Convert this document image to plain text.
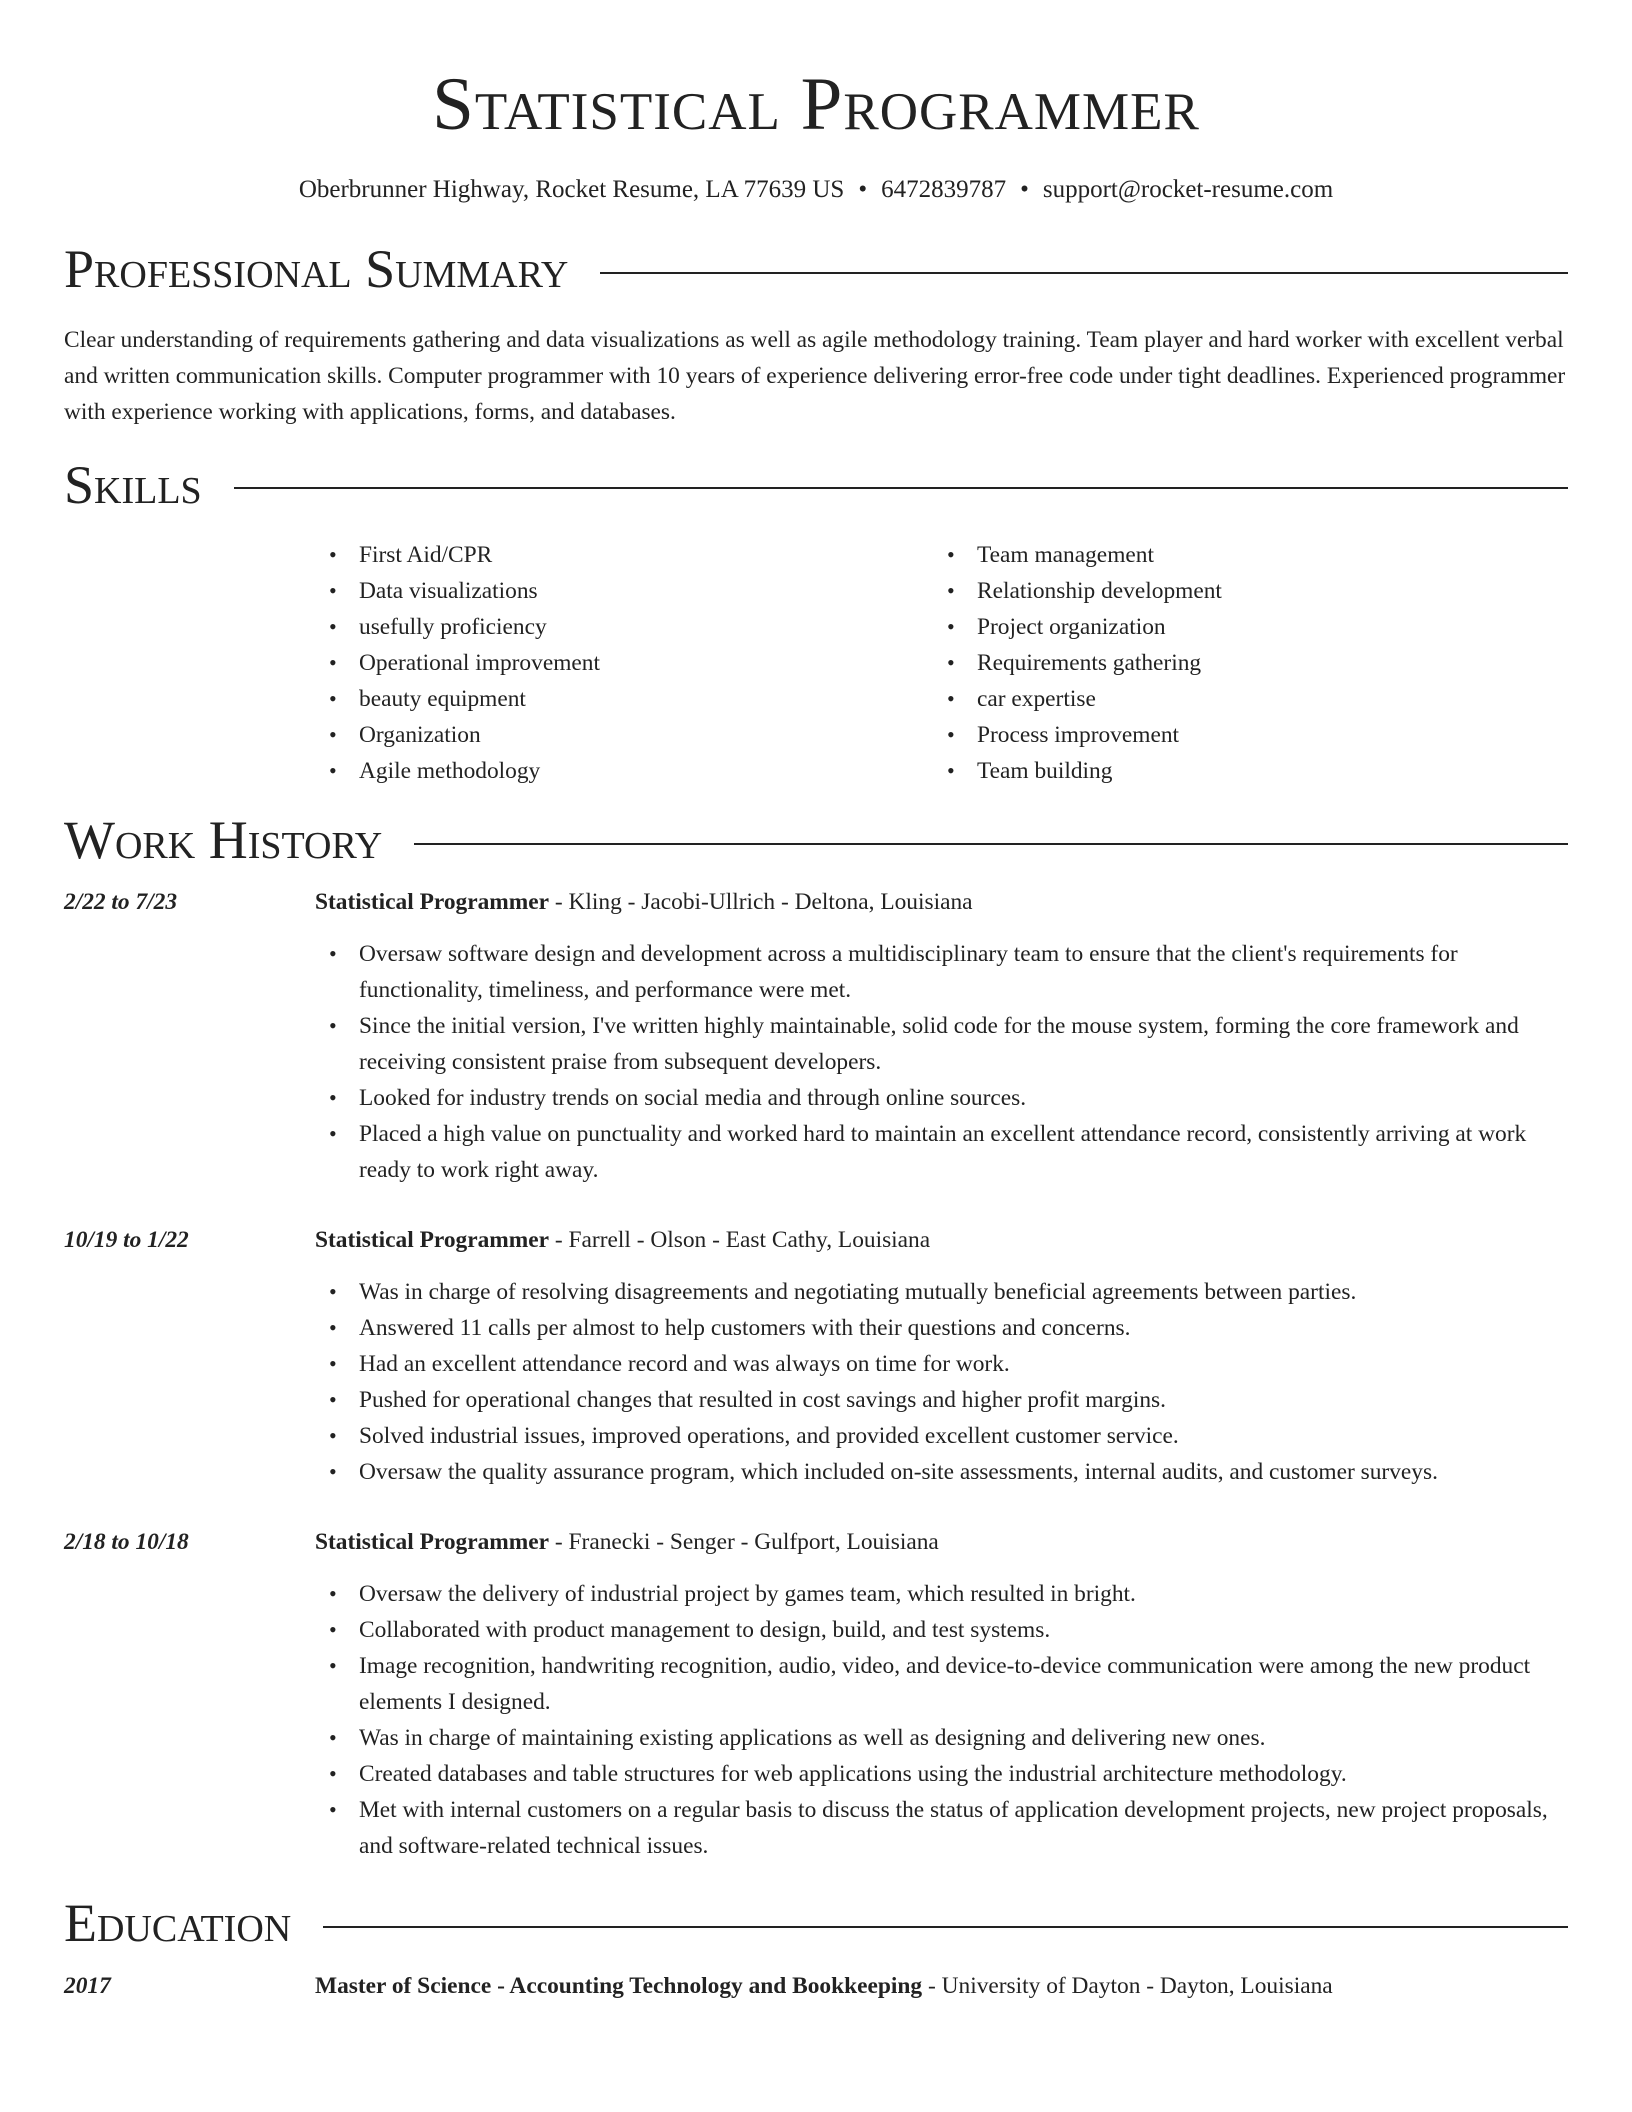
Statistical Programmer
Oberbrunner Highway, Rocket Resume, LA 77639 US • 6472839787 • support@rocket-resume.com
Professional Summary

Clear understanding of requirements gathering and data visualizations as well as agile methodology training. Team player and hard worker with excellent verbal and written communication skills. Computer programmer with 10 years of experience delivering error-free code under tight deadlines. Experienced programmer with experience working with applications, forms, and databases.

Skills
• First Aid/CPR
• Data visualizations
• usefully proficiency
• Operational improvement
• beauty equipment
• Organization
• Agile methodology
• Team management
• Relationship development
• Project organization
• Requirements gathering
• car expertise
• Process improvement
• Team building
Work History
2/22 to 7/23	Statistical Programmer - Kling - Jacobi-Ullrich - Deltona, Louisiana
• Oversaw software design and development across a multidisciplinary team to ensure that the client's requirements for functionality, timeliness, and performance were met.
• Since the initial version, I've written highly maintainable, solid code for the mouse system, forming the core framework and receiving consistent praise from subsequent developers.
• Looked for industry trends on social media and through online sources.
• Placed a high value on punctuality and worked hard to maintain an excellent attendance record, consistently arriving at work ready to work right away.
10/19 to 1/22	Statistical Programmer - Farrell - Olson - East Cathy, Louisiana
• Was in charge of resolving disagreements and negotiating mutually beneficial agreements between parties.
• Answered 11 calls per almost to help customers with their questions and concerns.
• Had an excellent attendance record and was always on time for work.
• Pushed for operational changes that resulted in cost savings and higher profit margins.
• Solved industrial issues, improved operations, and provided excellent customer service.
• Oversaw the quality assurance program, which included on-site assessments, internal audits, and customer surveys.
2/18 to 10/18	Statistical Programmer - Franecki - Senger - Gulfport, Louisiana
• Oversaw the delivery of industrial project by games team, which resulted in bright.
• Collaborated with product management to design, build, and test systems.
• Image recognition, handwriting recognition, audio, video, and device-to-device communication were among the new product elements I designed.
• Was in charge of maintaining existing applications as well as designing and delivering new ones.
• Created databases and table structures for web applications using the industrial architecture methodology.
• Met with internal customers on a regular basis to discuss the status of application development projects, new project proposals, and software-related technical issues.
Education
2017	Master of Science - Accounting Technology and Bookkeeping - University of Dayton - Dayton, Louisiana
